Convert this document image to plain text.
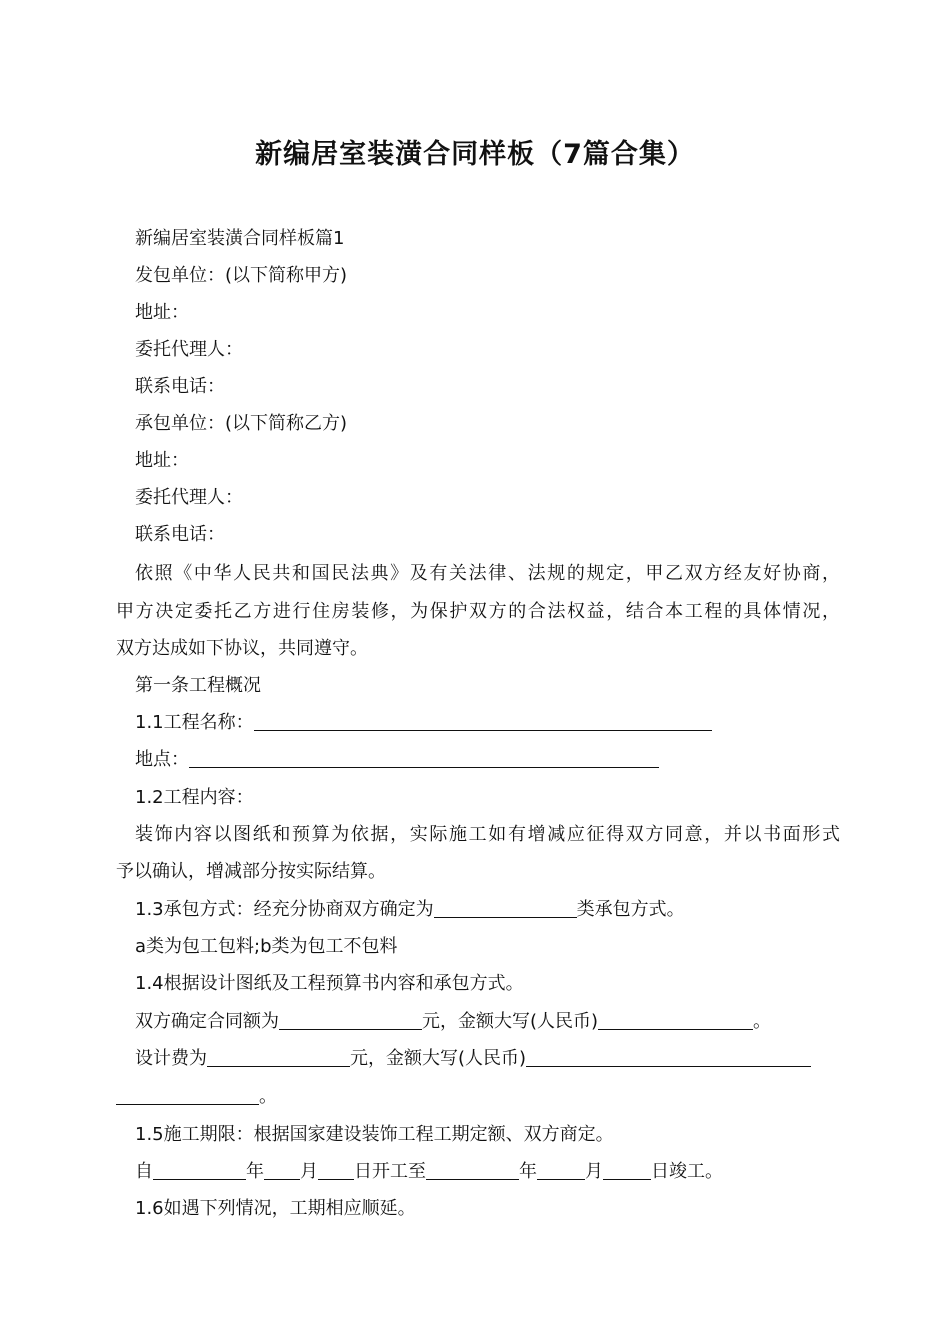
新编居室装潢合同样板（7篇合集）
新编居室装潢合同样板篇1
发包单位：(以下简称甲方)
地址：
委托代理人：
联系电话：
承包单位：(以下简称乙方)
地址：
委托代理人：
联系电话：
依照《中华人民共和国民法典》及有关法律、法规的规定，甲乙双方经友好协商，
甲方决定委托乙方进行住房装修，为保护双方的合法权益，结合本工程的具体情况，
双方达成如下协议，共同遵守。
第一条工程概况
1.1工程名称：
地点：
1.2工程内容：
装饰内容以图纸和预算为依据，实际施工如有增减应征得双方同意，并以书面形式
予以确认，增减部分按实际结算。
1.3承包方式：经充分协商双方确定为	类承包方式。
a类为包工包料;b类为包工不包料
1.4根据设计图纸及工程预算书内容和承包方式。
双方确定合同额为	元，金额大写(人民币)	。
设计费为	元，金额大写(人民币)
。
1.5施工期限：根据国家建设装饰工程工期定额、双方商定。
自	年 月 日开工至	年	月	日竣工。
1.6如遇下列情况，工期相应顺延。
